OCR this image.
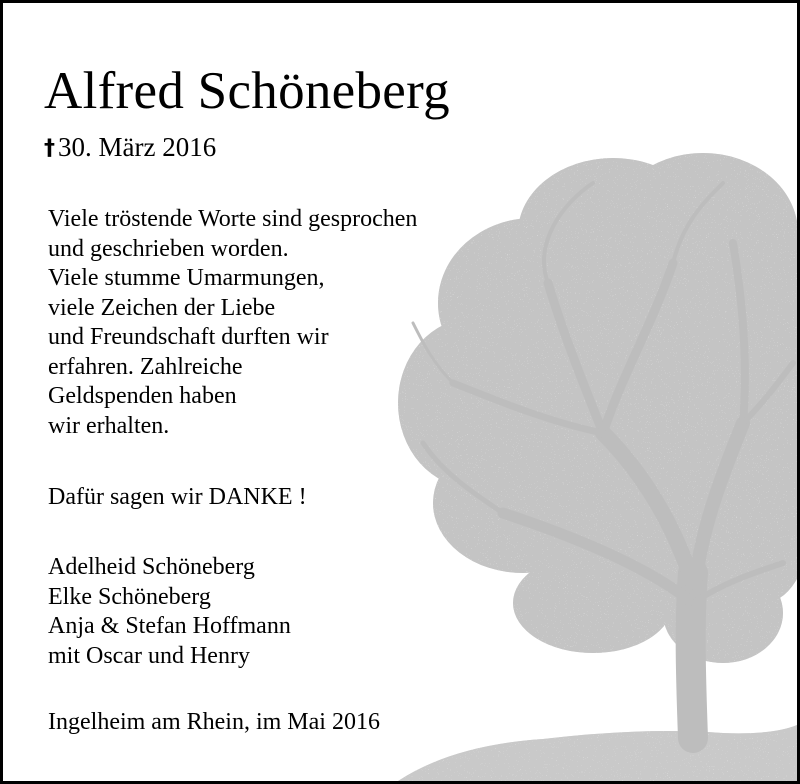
Alfred Schöneberg
† 30. März 2016
Viele tröstende Worte sind gesprochen
und geschrieben worden.
Viele stumme Umarmungen,
viele Zeichen der Liebe
und Freundschaft durften wir
erfahren. Zahlreiche
Geldspenden haben
wir erhalten.
Dafür sagen wir DANKE !
Adelheid Schöneberg
Elke Schöneberg
Anja & Stefan Hoffmann
mit Oscar und Henry
Ingelheim am Rhein, im Mai 2016
